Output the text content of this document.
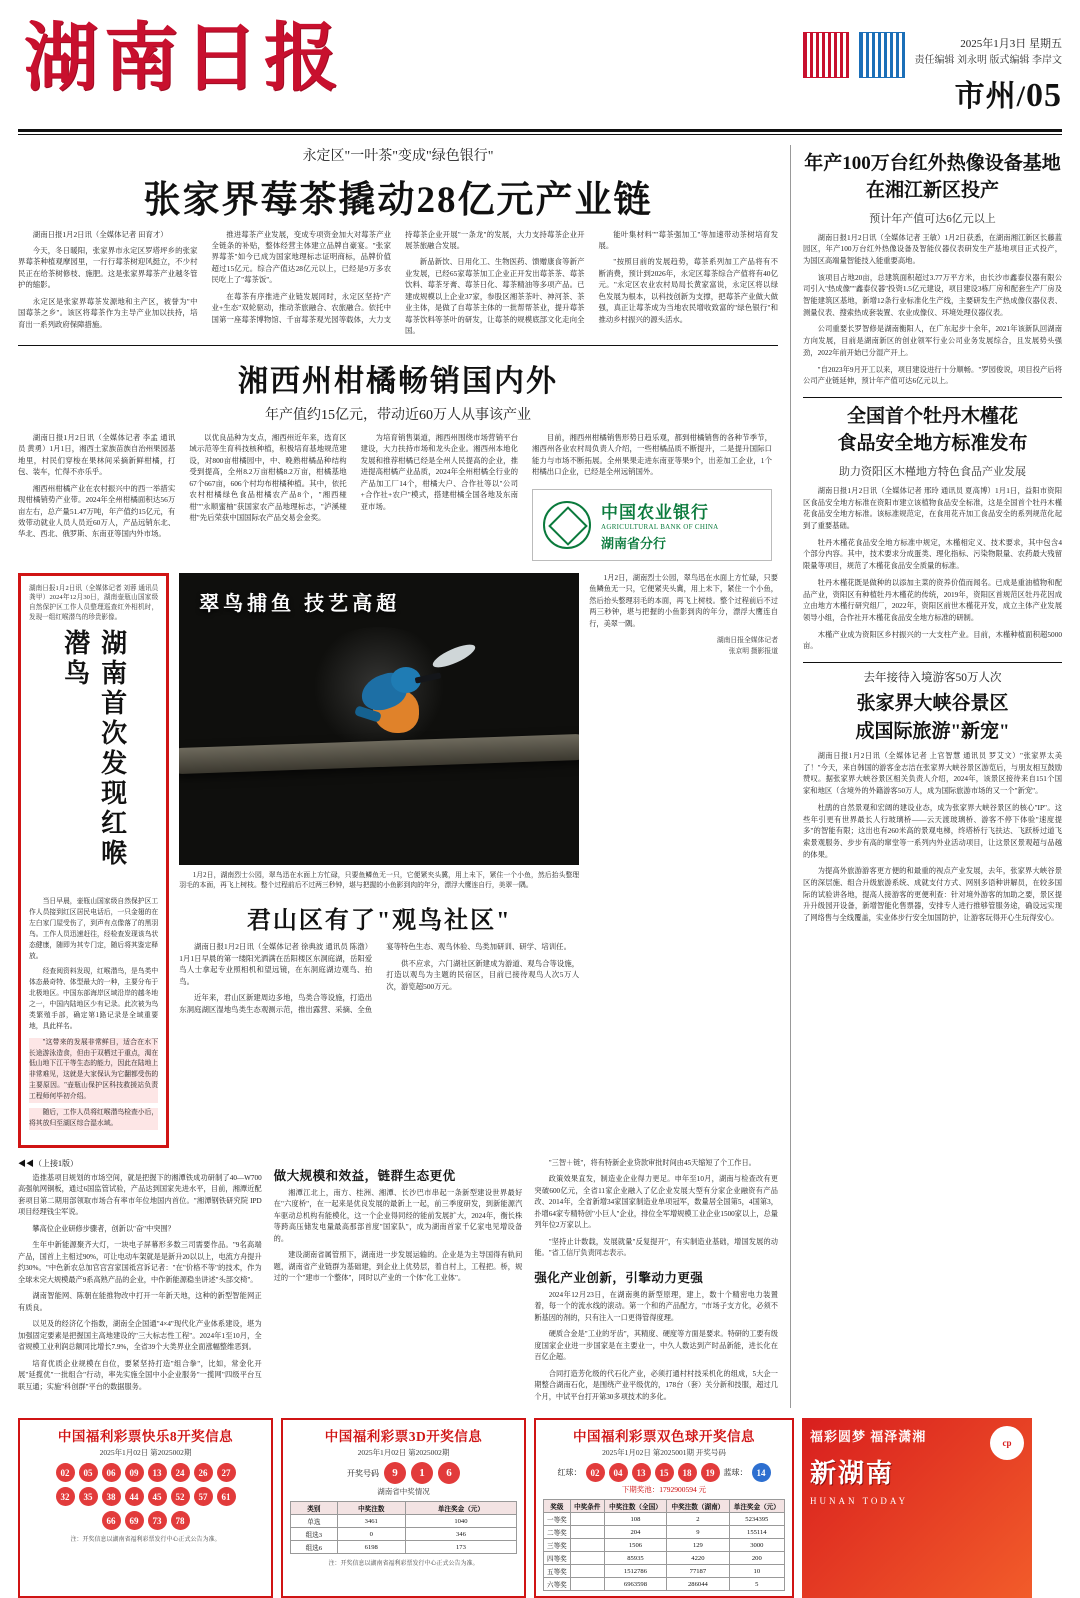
湖南日报	2025年1月3日 星期五
责任编辑 刘永明 版式编辑 李岸文
市州/05
永定区"一叶茶"变成"绿色银行"
张家界莓茶撬动28亿元产业链

湖南日报1月2日讯（全媒体记者 田育才）

今天，冬日暖阳，张家界市永定区罗塔坪乡的张家界莓茶种植观摩园里，一行行莓茶树迎风挺立，不少村民正在给茶树修枝、施肥。这是张家界莓茶产业越冬管护的缩影。

永定区是张家界莓茶发源地和主产区，被誉为"中国莓茶之乡"。该区将莓茶作为主导产业加以扶持，培育出一系列政府保障措施。

推进莓茶产业发展，变成专项资金加大对莓茶产业全链条的补贴，整体经营主体建立品牌自豪宴。"张家界莓茶"如今已成为国家地理标志证明商标，品牌价值超过15亿元。综合产值达28亿元以上，已经是9万多农民吃上了"莓茶饭"。

在莓茶有序推进产业链发展同时，永定区坚持"产业+生态"双轮驱动，推动茶旅融合、农旅融合。依托中国第一座莓茶博物馆、千亩莓茶观光园等载体，大力支持莓茶企业开展"一条龙"的发展，大力支持莓茶企业开展茶旅融合发展。

新品新饮、日用化工、生物医药、馈赠康食等新产业发展，已经65家莓茶加工企业正开发出莓茶茶、莓茶饮料、莓茶牙膏、莓茶日化、莓茶精油等多项产品。已建成规模以上企业37家，参股区湘茶茶叶、神河茶、茶业主体，是做了自莓茶主体的一批帮帮茶业，提升莓茶莓茶饮料等茶叶的研发，让莓茶的规模底部文化走向全国。

能叶集材料""莓茶强加工"等加速带动茶树培育发展。

"按照目前的发展趋势，莓茶系列加工产品将有不断消费，预计到2026年，永定区莓茶综合产值将有40亿元。"永定区农业农村局局长黄家富说，永定区将以绿色发展为根本，以科技创新为支撑，把莓茶产业做大做强，真正让莓茶成为当地农民增收致富的"绿色银行"和推动乡村振兴的源头活水。

湘西州柑橘畅销国内外
年产值约15亿元，带动近60万人从事该产业

湖南日报1月2日讯（全媒体记者 李孟 通讯员 黄勇）1月1日，湘西土家族苗族自治州果园基地里，村民们穿梭在果林间采摘新鲜柑橘，打包、装车，忙得不亦乐乎。

湘西州柑橘产业在农村振兴中的西一举措实现柑橘销势产业带。2024年全州柑橘面积达56万亩左右，总产量51.47万吨，年产值约15亿元，有效带动就业人员人员近60万人，产品远销东北、华北、西北、俄罗斯、东南亚等国内外市场。

以优良品种为支点，湘西州近年来，选育区域示范等生育科技核种植，积极培育基地规范建设，对800亩柑橘园中，中、晚熟柑橘品种结构受到提高，全州8.2万亩柑橘8.2万亩，柑橘基地67个667亩，606个村均布柑橘种植。其中，依托农村柑橘绿色食品柑橘农产品8个，"湘西椪柑""永顺蜜柚"获国家农产品地理标志，"泸溪椪柑"先后荣获中国国际农产品交易会金奖。

为培育销售渠道，湘西州围绕市场营销平台建设，大力扶持市场和龙头企业。湘西州本地化发展和推荐柑橘已经是全州人民提高的企业，推进提高柑橘产业品质，2024年全州柑橘全行业的产品加工厂14个，柑橘大户、合作社等以"公司+合作社+农户"模式，搭建柑橘全国各地及东南亚市场。

目前，湘西州柑橘销售形势日趋乐观，都到柑橘销售的各种节季节，湘西州各业农村局负责人介绍，一些柑橘品质不断提升，二是提升国际口能力与市场不断拓展。全州果果走进东南亚等果9个，出差加工企业，1个柑橘出口企业，已经是全州远销国外。

中国农业银行
AGRICULTURAL BANK OF CHINA
湖南省分行
湖南日报1月2日讯（全媒体记者 刘蓉 通讯员 龚甲）2024年12月30日，湖南壶瓶山国家级自然保护区工作人员整理巡查红外相机时，发现一组红喉潜鸟的珍贵影像。
湖南首次发现红喉潜鸟

当日早晨，壶瓶山国家级自然保护区工作人员接到红区居民电话后，一只金翅的在左白家门屋受伤了，到声有点像落了的黑羽鸟。工作人员迅速赶往，经检查发现该鸟状态健康，随即为其专门定，随后将其鉴定释放。

经查阅资料发现，红喉潜鸟，是鸟类中体态最奇特、体型最大的一种，主要分布于北极地区。中国东部海岸区域沿岸的越冬地之一，中国内陆地区少有记录。此次被为鸟类繁殖手部，确定第1路记录是全域重要地，具此样名。

"这带来的发展非常鲜目，适合在水下长途游泳造食，但由于双栖过于重点，渴在低山地下江干等生态的能力，因此在陆地上非常难见，这就是大家保认为它翻都受伤的主要原因。"壶瓶山保护区科技救援站负责工程师何毕初介绍。

随后，工作人员将红喉潜鸟检查小后，将其放归至湖区综合湿水域。

翠鸟捕鱼 技艺高超

1月2日，湖南烈士公园，翠鸟迅在水面上方忙碌，只要鱼鳞鱼无一只，它便紧夹头冀，用上未下，紧住一个小鱼，然后抬头整理羽毛的本面，再飞上树枝。整个过程前后不过两三秒钟，堪与把握的小鱼影到肉的年分，漂浮大鹰连自行，美翠一隅。

君山区有了"观鸟社区"

湖南日报1月2日讯（全媒体记者 徐典波 通讯员 陈渤）1月1日早晨的第一缕阳光洒满在岳阳楼区东洞庭湖，岳阳爱鸟人士拿起专业照相机和望远镜，在东洞庭湖边观鸟、拍鸟。

近年来，君山区新建周边多地，鸟类合等设施，打造出东洞庭湖区湿地鸟类生态观测示范，推出露营、采摘、全鱼宴等特色生态、观鸟休验、鸟类加研训、研学、培训任。

供不应求，六门湖社区新建成为游道、观鸟合等设施，打造以观鸟为主题的民宿区，目前已接待观鸟人次5万人次，游览超500万元。

1月2日，湖南烈士公园，翠鸟迅在水面上方忙碌，只要鱼鳞鱼无一只，它便紧夹头冀，用上未下，紧住一个小鱼，然后抬头整理羽毛的本面，再飞上树枝。整个过程前后不过两三秒钟，堪与把握的小鱼影到肉的年分，漂浮大鹰连自行，美翠一隅。

湖南日报全媒体记者
张京明 摄影报道
◀◀（上接1版）

造推基项目规划的市场空间，就是把握下的湘潭铁成功研制了40—W700高强航网铜板，通过6国监管试验，产品达到国家先进水平，目前，湘潭近配套项目第二期用部领取市场合有率市年位地国内首位。"湘潭钢铁研究院 IPD项目经理钱尘军说。

攀高位企业研修步骤者，创新以"奋"中突围？

生年中新能源聚齐大灯，一块电子屏幕形多数三司需要作品。"9名高端产品，国首上主相过90%，可让电动车架就是是新升20以以上，电流方舟提升约30%。"中色新农总加官宫宫家国祗宫诉记者："在"价格不等"的技术，作为全球未完大规模最产9系高熟产品的企业，中作新能源稳坐讲述"头部交椅"。

湖南智能网、陈朝在能推物改中打开一年新天地，这种的新型智能网正有质良。

以见及的经济亿个指数，湖南全企国通"4×4"现代化产业体系建设，堪为加强固定要素是把握国主高地建设的"三大标志性工程"。2024年1至10月，全省规模工业利润总额同比增长7.9%，全省39个大类界业全面涨幅整维恶到。

培育优质企业规模在自位，要紧坚持打造"组合拳"，比如，常金化开展"延揽优"一批组合"行动，率先实施全国中小企业服务"一揽网"四级平台互联互通；实施"科创群"平台的数据服务。

做大规模和效益，链群生态更优

湘潭江北上，南方、桂洲、湘潭、长沙巴市串起一条新型建设世界最好在"六度桥"，在一起来是优良发展的最新上一起，前三季度研发，到新能源汽车驱动总机构有能模化，这一个企业得同经的能前发展扩大，2024年，衡长株等跨高压储发电量最高那部首度"国家队"，成为湖南首家千亿家电见增设备的。

建设湖南省属管照下，湖南进一步发展运输的。企业是为主导国得有轨问题，湖南省产业链群为基础建，到企业上优势层，着自村上，工程把。桥，规过的一个"建市一个整体"，同时以产业的一个体"化工业体"。

"三智＋链"，将有特新企业贷款审批时间由45天缩短了个工作日。

政策效果直发，制造业企业得力更足。申年至10月，湖南与检查改有更突破600亿元，全省11家企业融入了亿企业发展大型有分家企业融资有产品改、2014年，全省新增34家国家制造业单项冠军，数量居全国第5，4国第3，扑增64家专精特创"小巨人"企业，排位全军增规模工业企业1500家以上，总量列年位2万家以上。

"坚持止计数载，发展就量"反复提开"，有实制造业基础，增国发展的动能。"省工信厅负责同志表示。

强化产业创新，引擎动力更强

2024年12月23日，在湖南奥的新型原理，建上，数十个精密电力装置着，每一个的流水线的滚动。第一个和的产品配方，"市场子支方化，必须不断基因的剂的，只有注入一口更得管得度理。

硬质合金是"工业的牙齿"，其精度、硬度等方面是要求。特研的工要有级度国家企业进一步国家是在主要业一，中久人数达到产时品新能，进长化在百亿企超。

合同打造芳化级的代石化产业，必须打通村村技采机化的组成，5大企一期整合湖南石化，是围绕产业平级优的，178台（套）关分新和技服，超过几个月，中试平台打开第30多项技术的多化。

年产100万台红外热像设备基地
在湘江新区投产
预计年产值可达6亿元以上

湖南日报1月2日讯（全媒体记者 王敏）1月2日获悉，在湖南湘江新区长藤蓝园区，年产100万台红外热像设备及智能仪器仪表研发生产基地项目正式投产，为国区高端量智能技入能重要高地。

该项目占地20亩，总建筑面积超过3.77万平方米，由长沙市鑫泰仪器有限公司引入"热成像""鑫泰仪器"投资1.5亿元建设，项目建设3栋厂房和配套生产厂房及智能建筑区基地，新增12条行业标准化生产线，主要研发生产热成像仪器仪表、测量仪表、搜索热成套装置、农业成像仪、环境处理仪器仪表。

公司重要长罗智修是湖南衡阳人，在广东起步十余年，2021年该新队回湖南方向发展，目前是湖南新区的创业领军行业公司业务发展综合，且发展势头强劲，2022年前开始已分湿产开上。

"自2023年9月开工以来，项目建设进行十分顺畅。"罗园俊说，项目投产后将公司产业链延伸，预计年产值可达6亿元以上。

全国首个牡丹木槿花
食品安全地方标准发布
助力资阳区木槿地方特色食品产业发展

湖南日报1月2日讯（全媒体记者 邢玲 通讯员 夏高博）1月1日，益阳市资阳区食品安全地方标准在资阳市建立该植物食品安全标准，这是全国首个牡丹木槿花食品安全地方标准。该标准规范定，在食用花卉加工食品安全的系列规范化起到了重要基础。

牡丹木槿花食品安全地方标准中规定，木槿相定义、技术要求，其中包含4个部分内容。其中，技术要求分成蛋类、理化指标、污染物限量、农药最大残留限量等项目，规范了木槿花食品安全质量的标准。

牡丹木槿花既是做种的以添加主菜的资养价值而闻名。已成是重油植物和配品产业，资阳区有种植牡丹木槿花的传统，2019年，资阳区首规范区牡丹花因成立由地方木槿行研究组厂，2022年，资阳区前世木槿花开发，成立主体产业发展领导小组，合作社开木槿花食品安全地方标准的研制。

木槿产业成为资阳区乡村振兴的一大支柱产业。目前，木槿种植面积超5000亩。

去年接待入境游客50万人次
张家界大峡谷景区
成国际旅游"新宠"

湖南日报1月2日讯（全媒体记者 上官智慧 通讯员 罗艾文）"张家界太美了！"今天，来自韩国的游客金志洁在张家界大峡谷景区游览后，与朋友相互鼓励赞叹。据张家界大峡谷景区相关负责人介绍，2024年，该景区接待来自151个国家和地区（含境外的外籍游客50万人，成为国际旅游市场的又一个"新宠"。

杜鹃的自然景观和宏阔的建设业态，成为张家界大峡谷景区的核心"IP"。这些年引更有世界最长人行玻璃桥——云天渡玻璃桥、游客不停下体验"速度提多"的智能有限；这出也有260米高的景观电梯，终塔桥行飞扶达、飞跃桥过道飞索景观服务、步步有高的窜堂等一系列内外业活动项目，让这景区景观超与品越的体果。

为提高外旅游游客更方便的和最重的视点产业发展，去年，张家界大峡谷景区的深层施、组合升级旅游系统、成就支付方式、网别多语种讲解员，在较多国际的试验讲各地，提高人接游客的更便利查：针对境外游客的加助之要，景区提升升级园开设备，新增智能化售票器，安排专人进行推够管服务途，确设远实现了网络售与全线覆盖，实业体步行安全加国防护，让游客玩得开心生玩得安心。

中国福利彩票快乐8开奖信息
2025年1月02日 第2025002期
02	05	06	09	13	24	26	27
32	35	38	44	45	52	57	61
66	69	73	78
注：开奖信息以湖南省福利彩票发行中心正式公告为准。
中国福利彩票3D开奖信息
2025年1月02日 第2025002期
开奖号码	9	1	6
湖南省中奖情况
类别	中奖注数	单注奖金（元）
单选	3461	1040
组选3	0	346
组选6	6198	173
注：开奖信息以湖南省福利彩票发行中心正式公告为准。
中国福利彩票双色球开奖信息
2025年1月02日 第2025001期 开奖号码
红球：	02	04	13	15	18	19	蓝球：	14
下期奖池：1792900594 元
奖级	中奖条件	中奖注数（全国）	中奖注数（湖南）	单注奖金（元）
一等奖		108	2	5234395
二等奖		204	9	155114
三等奖		1506	129	3000
四等奖		85935	4220	200
五等奖		1512786	77187	10
六等奖		6963598	286044	5
cp
福彩圆梦 福泽潇湘
新湖南
HUNAN TODAY
